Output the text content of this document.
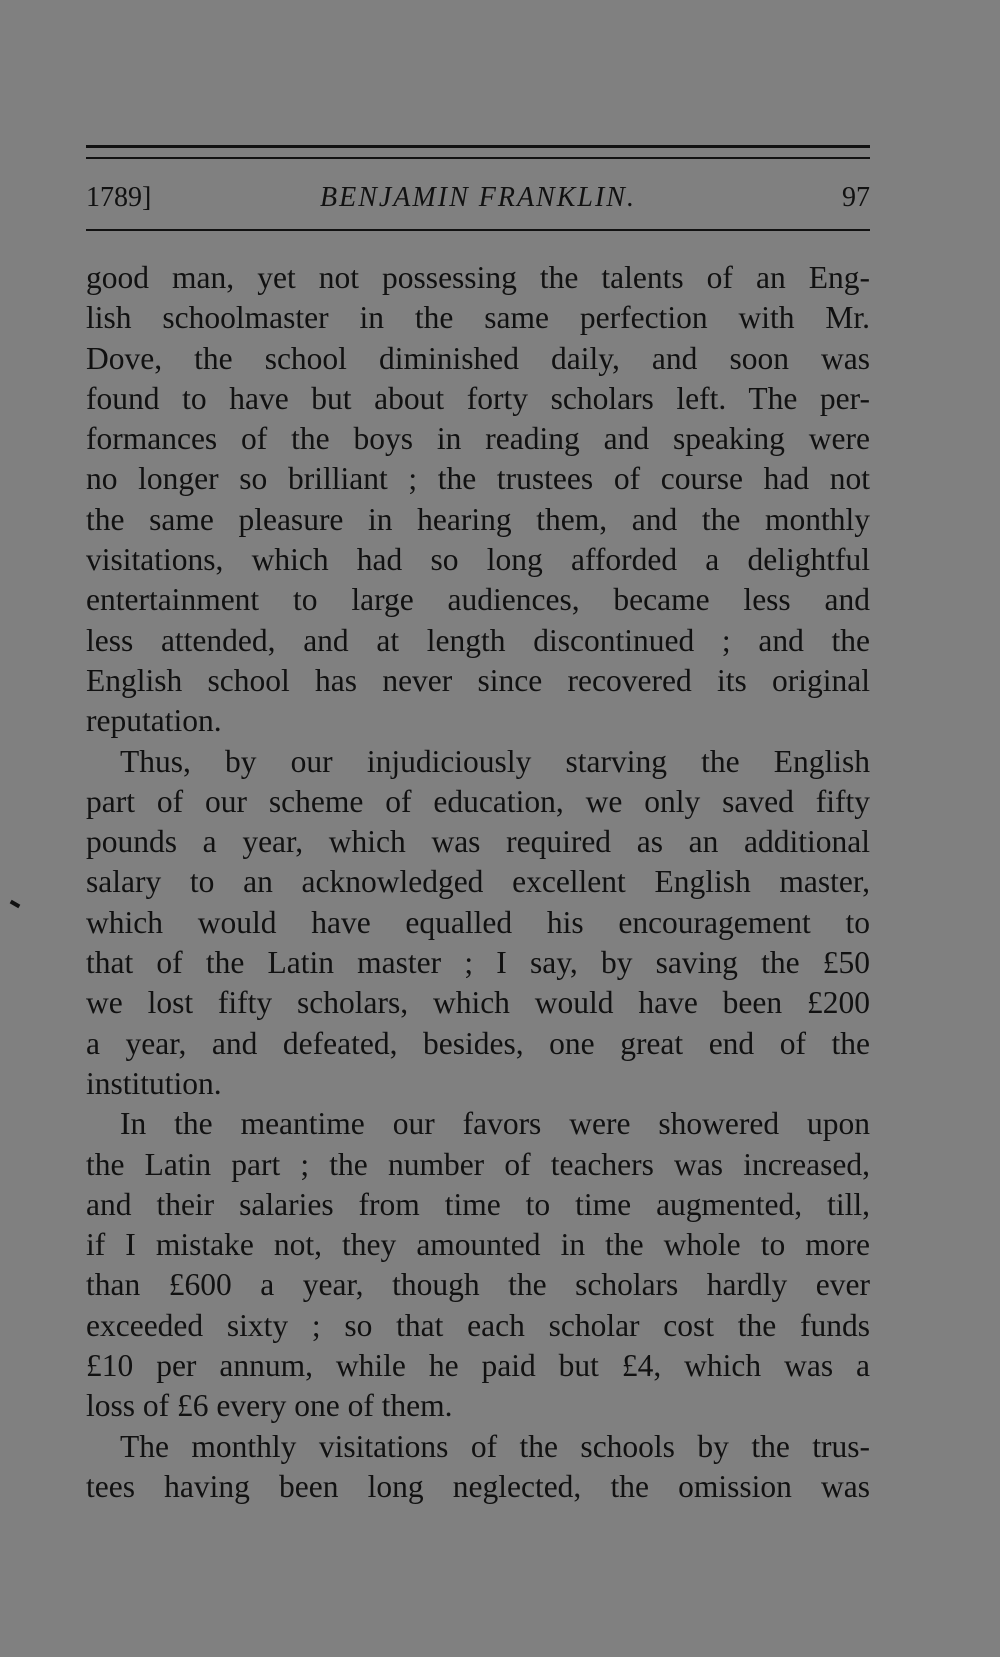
1789]	BENJAMIN FRANKLIN.	97
good man, yet not possessing the talents of an Eng-
lish schoolmaster in the same perfection with Mr.
Dove, the school diminished daily, and soon was
found to have but about forty scholars left. The per-
formances of the boys in reading and speaking were
no longer so brilliant ; the trustees of course had not
the same pleasure in hearing them, and the monthly
visitations, which had so long afforded a delightful
entertainment to large audiences, became less and
less attended, and at length discontinued ; and the
English school has never since recovered its original
reputation.
Thus, by our injudiciously starving the English
part of our scheme of education, we only saved fifty
pounds a year, which was required as an additional
salary to an acknowledged excellent English master,
which would have equalled his encouragement to
that of the Latin master ; I say, by saving the £50
we lost fifty scholars, which would have been £200
a year, and defeated, besides, one great end of the
institution.
In the meantime our favors were showered upon
the Latin part ; the number of teachers was increased,
and their salaries from time to time augmented, till,
if I mistake not, they amounted in the whole to more
than £600 a year, though the scholars hardly ever
exceeded sixty ; so that each scholar cost the funds
£10 per annum, while he paid but £4, which was a
loss of £6 every one of them.
The monthly visitations of the schools by the trus-
tees having been long neglected, the omission was
